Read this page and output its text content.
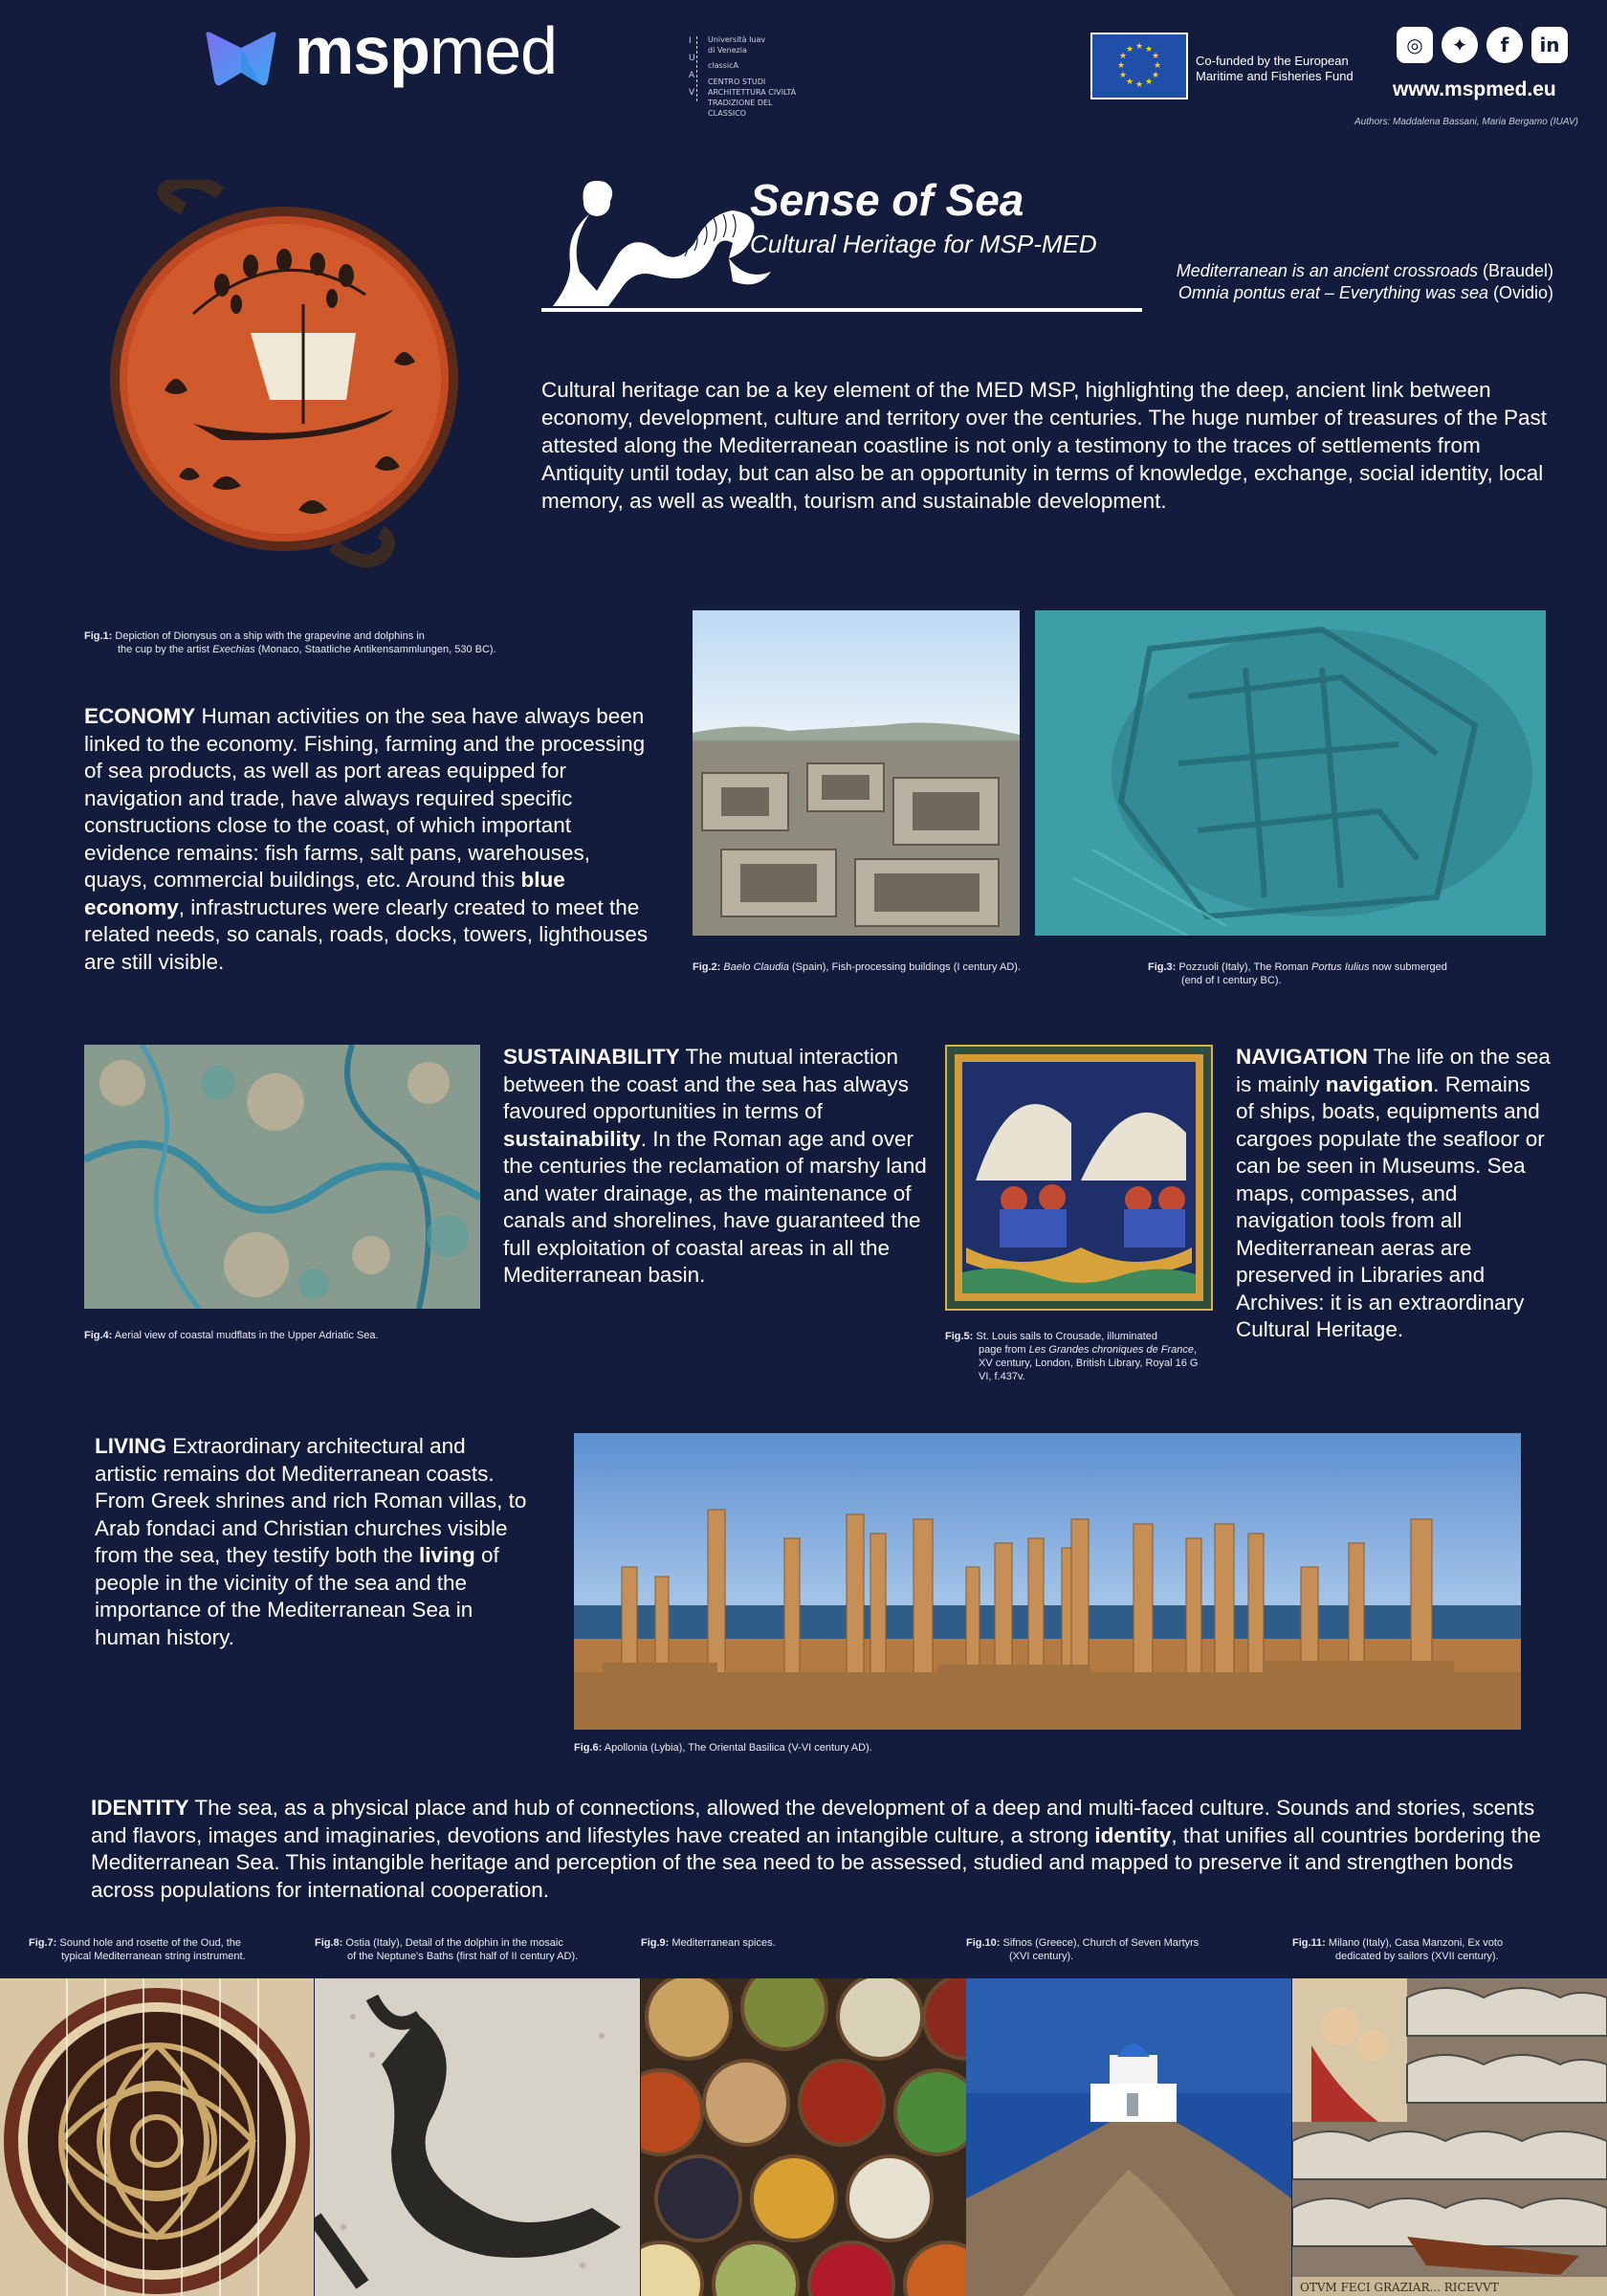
mspmed	I
U
A
V
Università Iuav
di Venezia
classicA
CENTRO STUDI
ARCHITETTURA CIVILTÀ
TRADIZIONE DEL CLASSICO
★ ★
★
★
★
★
★
★
★
★
★
★
Co-funded by the European Maritime and Fisheries Fund
◎	✦	f	in
www.mspmed.eu
Authors: Maddalena Bassani, Maria Bergamo (IUAV)
Sense of Sea
Cultural Heritage for MSP-MED
Mediterranean is an ancient crossroads (Braudel)
Omnia pontus erat – Everything was sea (Ovidio)
Cultural heritage can be a key element of the MED MSP, highlighting the deep, ancient link between economy, development, culture and territory over the centuries. The huge number of treasures of the Past attested along the Mediterranean coastline is not only a testimony to the traces of settlements from Antiquity until today, but can also be an opportunity in terms of knowledge, exchange, social identity, local memory, as well as wealth, tourism and sustainable development.
Fig.1: Depiction of Dionysus on a ship with the grapevine and dolphins in
the cup by the artist Exechias (Monaco, Staatliche Antikensammlungen, 530 BC).
ECONOMY Human activities on the sea have always been linked to the economy. Fishing, farming and the processing of sea products, as well as port areas equipped for navigation and trade, have always required specific constructions close to the coast, of which important evidence remains: fish farms, salt pans, warehouses, quays, commercial buildings, etc. Around this blue economy, infrastructures were clearly created to meet the related needs, so canals, roads, docks, towers, lighthouses are still visible.	Fig.2: Baelo Claudia (Spain), Fish-processing buildings (I century AD).	Fig.3: Pozzuoli (Italy), The Roman Portus Iulius now submerged
(end of I century BC).
Fig.4: Aerial view of coastal mudflats in the Upper Adriatic Sea.
SUSTAINABILITY The mutual interaction between the coast and the sea has always favoured opportunities in terms of sustainability. In the Roman age and over the centuries the reclamation of marshy land and water drainage, as the maintenance of canals and shorelines, have guaranteed the full exploitation of coastal areas in all the Mediterranean basin.
Fig.5: St. Louis sails to Crousade, illuminated

page from Les Grandes chroniques de France, XV century, London, British Library, Royal 16 G VI, f.437v.
NAVIGATION The life on the sea is mainly navigation. Remains of ships, boats, equipments and cargoes populate the seafloor or can be seen in Museums. Sea maps, compasses, and navigation tools from all Mediterranean aeras are preserved in Libraries and Archives: it is an extraordinary Cultural Heritage.
LIVING Extraordinary architectural and artistic remains dot Mediterranean coasts. From Greek shrines and rich Roman villas, to Arab fondaci and Christian churches visible from the sea, they testify both the living of people in the vicinity of the sea and the importance of the Mediterranean Sea in human history.
Fig.6: Apollonia (Lybia), The Oriental Basilica (V-VI century AD).
IDENTITY The sea, as a physical place and hub of connections, allowed the development of a deep and multi-faced culture. Sounds and stories, scents and flavors, images and imaginaries, devotions and lifestyles have created an intangible culture, a strong identity, that unifies all countries bordering the Mediterranean Sea. This intangible heritage and perception of the sea need to be assessed, studied and mapped to preserve it and strengthen bonds across populations for international cooperation.
Fig.7: Sound hole and rosette of the Oud, the
typical Mediterranean string instrument.
Fig.8: Ostia (Italy), Detail of the dolphin in the mosaic
of the Neptune's Baths (first half of II century AD).
Fig.9: Mediterranean spices.	Fig.10: Sifnos (Greece), Church of Seven Martyrs
(XVI century).
Fig.11: Milano (Italy), Casa Manzoni, Ex voto
dedicated by sailors (XVII century).
OTVM FECI GRAZIAR... RICEVVT
